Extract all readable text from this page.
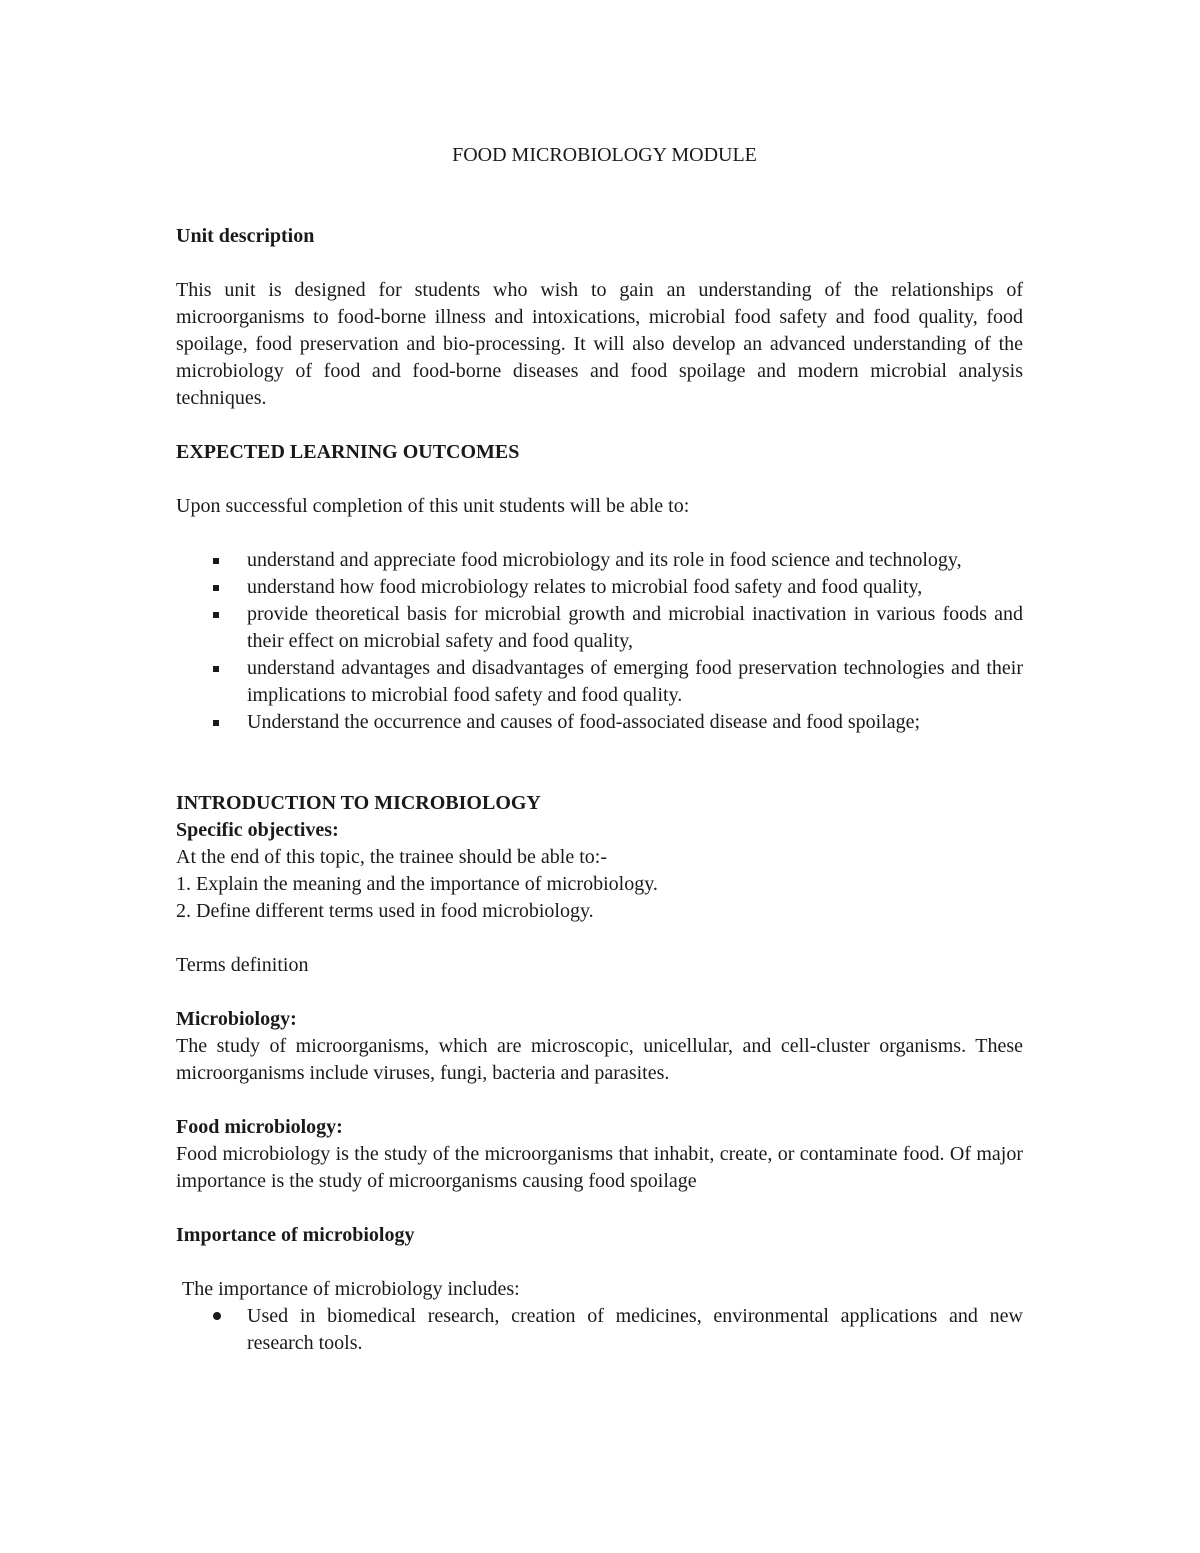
FOOD MICROBIOLOGY MODULE

Unit description

This unit is designed for students who wish to gain an understanding of the relationships of microorganisms to food-borne illness and intoxications, microbial food safety and food quality, food spoilage, food preservation and bio-processing. It will also develop an advanced understanding of the microbiology of food and food-borne diseases and food spoilage and modern microbial analysis techniques.

EXPECTED LEARNING OUTCOMES

Upon successful completion of this unit students will be able to:

understand and appreciate food microbiology and its role in food science and technology,
understand how food microbiology relates to microbial food safety and food quality,
provide theoretical basis for microbial growth and microbial inactivation in various foods and their effect on microbial safety and food quality,
understand advantages and disadvantages of emerging food preservation technologies and their implications to microbial food safety and food quality.
Understand the occurrence and causes of food-associated disease and food spoilage;

INTRODUCTION TO MICROBIOLOGY

Specific objectives:

At the end of this topic, the trainee should be able to:-

1. Explain the meaning and the importance of microbiology.

2. Define different terms used in food microbiology.

Terms definition

Microbiology:

The study of microorganisms, which are microscopic, unicellular, and cell-cluster organisms. These microorganisms include viruses, fungi, bacteria and parasites.

Food microbiology:

Food microbiology is the study of the microorganisms that inhabit, create, or contaminate food. Of major importance is the study of microorganisms causing food spoilage

Importance of microbiology

The importance of microbiology includes:

Used in biomedical research, creation of medicines, environmental applications and new research tools.
